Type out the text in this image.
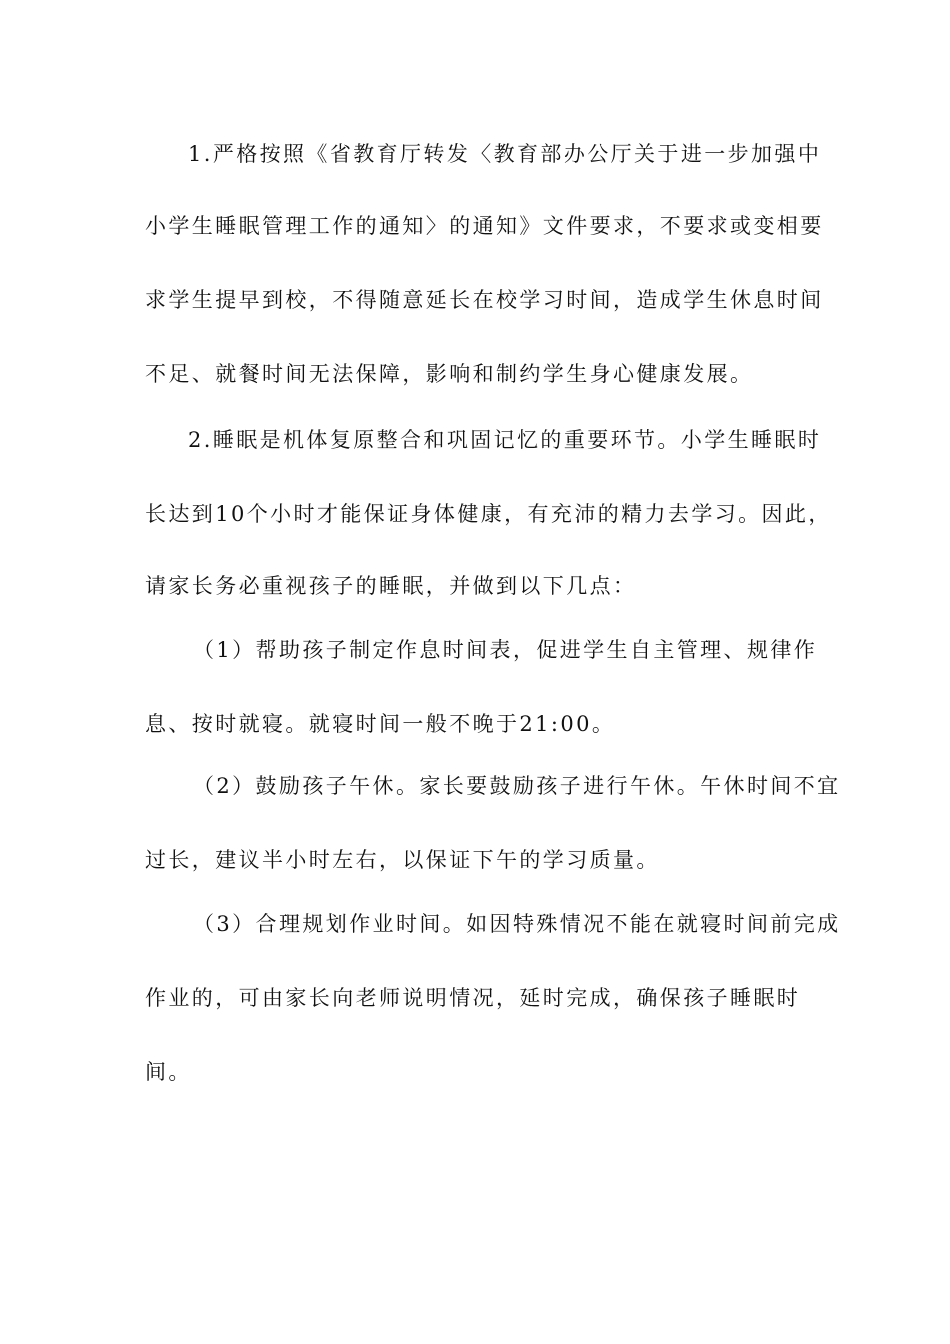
1.严格按照《省教育厅转发〈教育部办公厅关于进一步加强中
小学生睡眠管理工作的通知〉的通知》文件要求，不要求或变相要
求学生提早到校，不得随意延长在校学习时间，造成学生休息时间
不足、就餐时间无法保障，影响和制约学生身心健康发展。
2.睡眠是机体复原整合和巩固记忆的重要环节。小学生睡眠时
长达到10个小时才能保证身体健康，有充沛的精力去学习。因此，
请家长务必重视孩子的睡眠，并做到以下几点：
（1）帮助孩子制定作息时间表，促进学生自主管理、规律作
息、按时就寝。就寝时间一般不晚于21:00。
（2）鼓励孩子午休。家长要鼓励孩子进行午休。午休时间不宜
过长，建议半小时左右，以保证下午的学习质量。
（3）合理规划作业时间。如因特殊情况不能在就寝时间前完成
作业的，可由家长向老师说明情况，延时完成，确保孩子睡眠时
间。
